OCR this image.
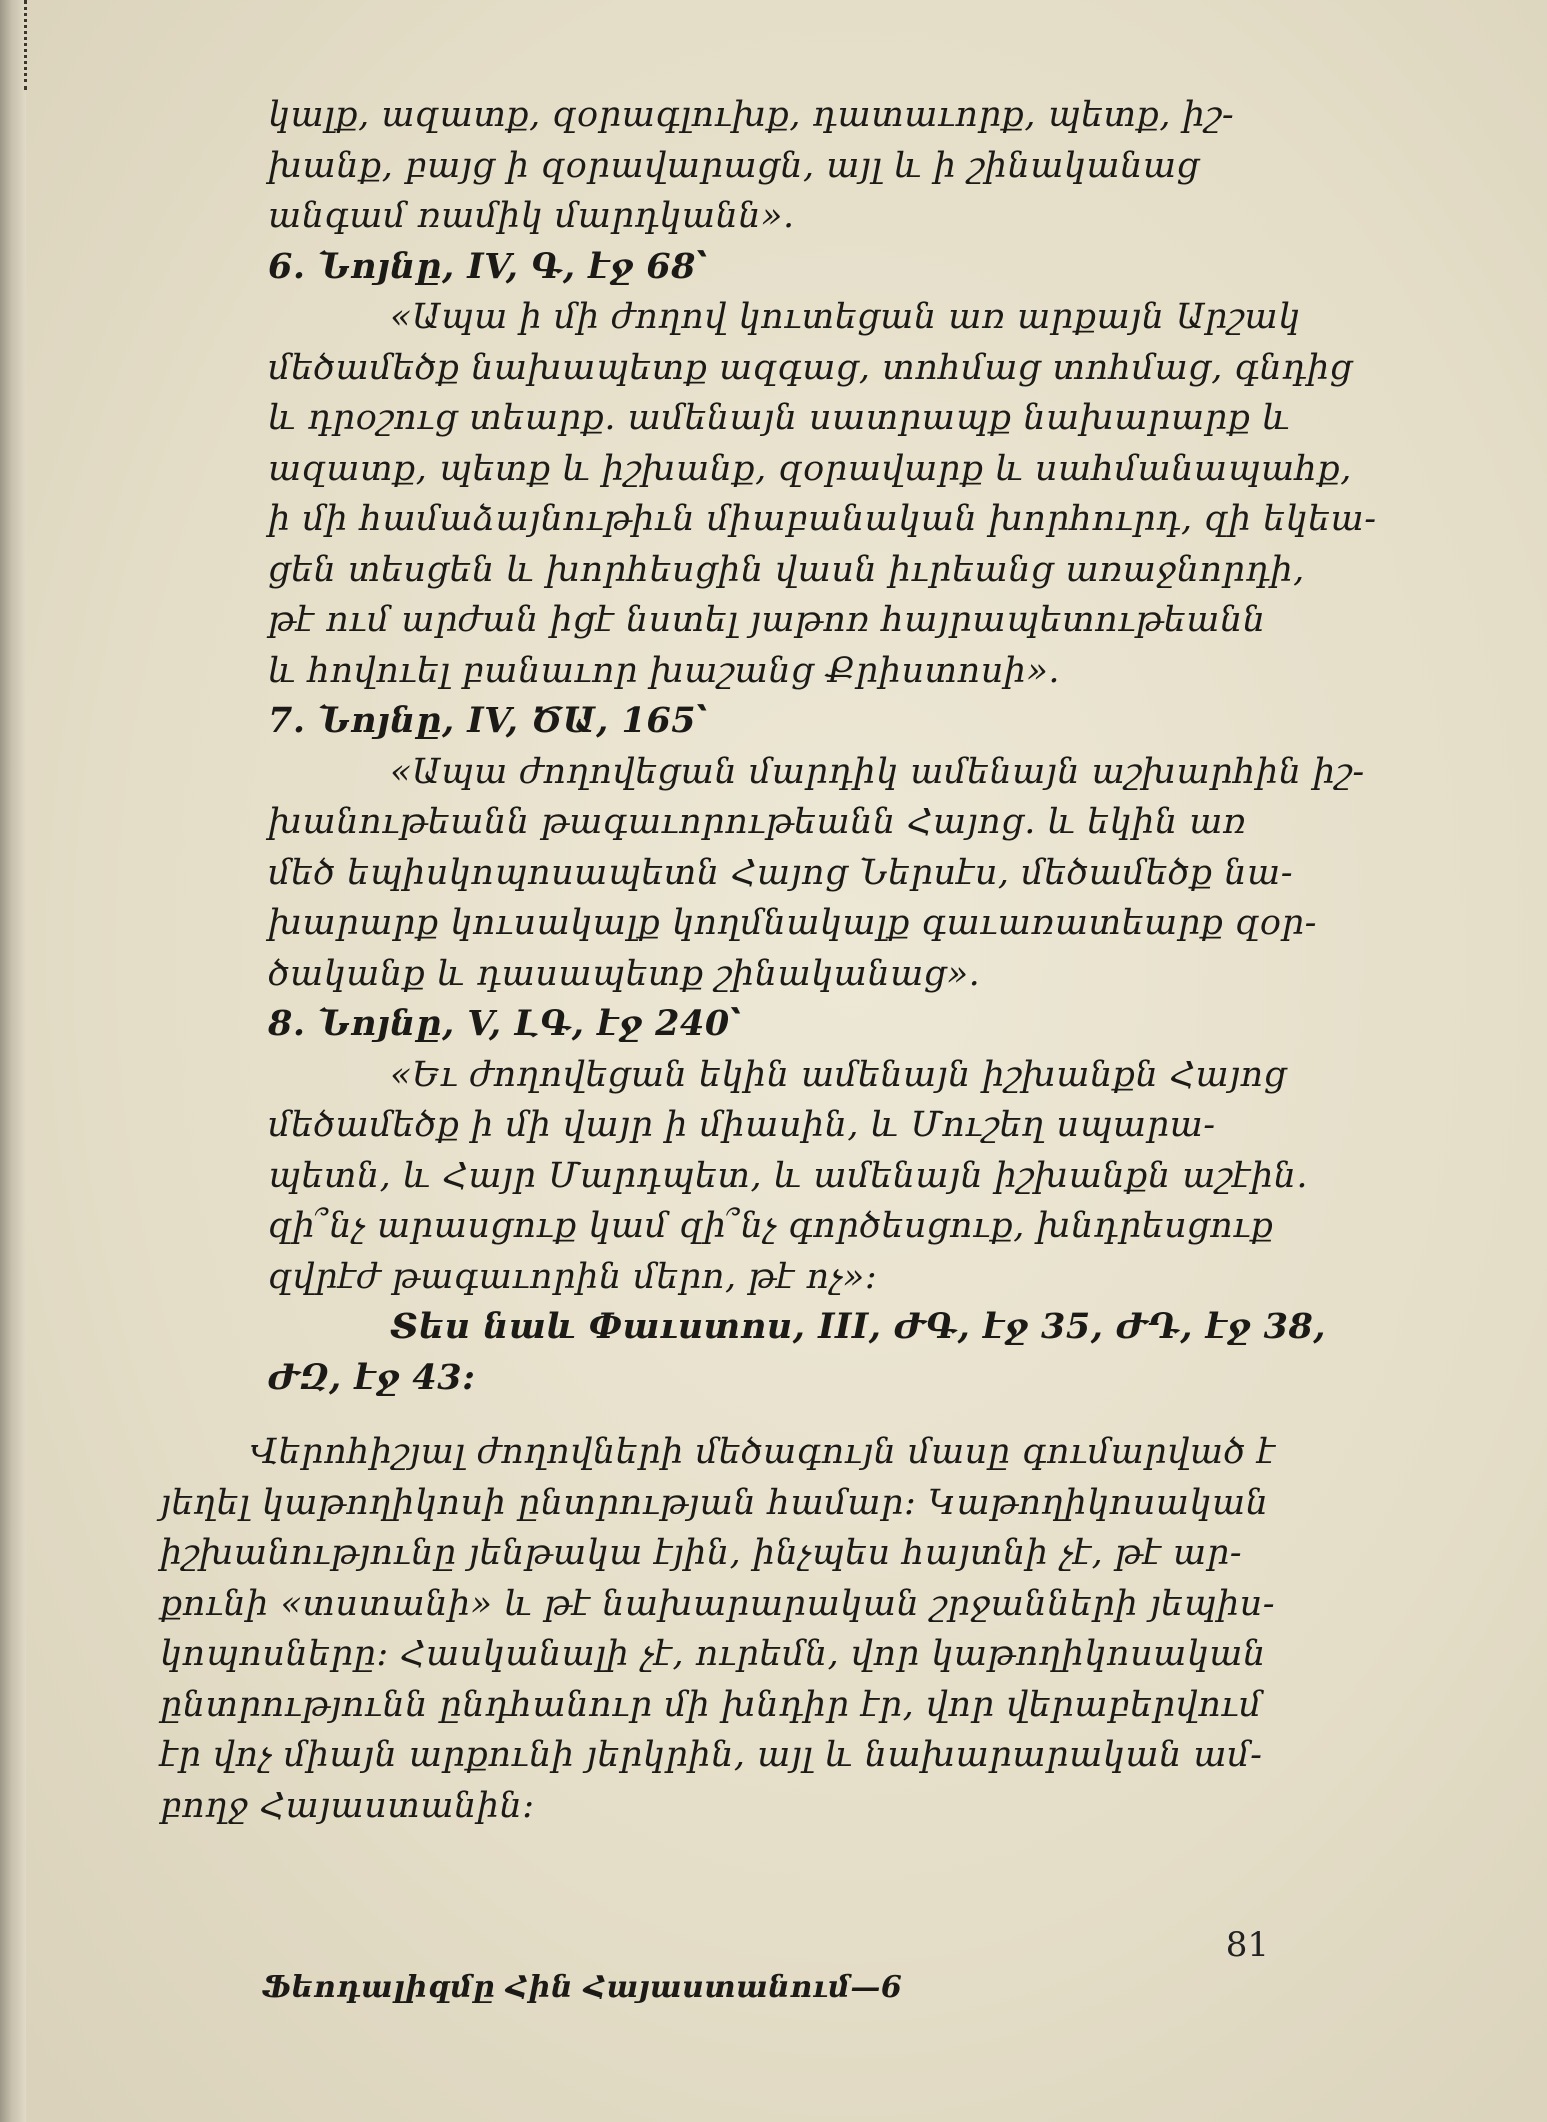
կալք, ազատք, զօրագլուխք, դատաւորք, պետք, իշ-
խանք, բայց ի զօրավարացն, այլ և ի շինականաց
անգամ ռամիկ մարդկանն».
6. Նոյնը, IV, Գ, էջ 68՝
«Ապա ի մի ժողով կուտեցան առ արքայն Արշակ
մեծամեծք նախապետք ազգաց, տոհմաց տոհմաց, գնդից
և դրօշուց տեարք. ամենայն սատրապք նախարարք և
ազատք, պետք և իշխանք, զօրավարք և սահմանապահք,
ի մի համաձայնութիւն միաբանական խորհուրդ, զի եկեա-
ցեն տեսցեն և խորհեսցին վասն իւրեանց առաջնորդի,
թէ ում արժան իցէ նստել յաթոռ հայրապետութեանն
և հովուել բանաւոր խաշանց Քրիստոսի».
7. Նոյնը, IV, ԾԱ, 165՝
«Ապա ժողովեցան մարդիկ ամենայն աշխարհին իշ-
խանութեանն թագաւորութեանն Հայոց. և եկին առ
մեծ եպիսկոպոսապետն Հայոց Ներսէս, մեծամեծք նա-
խարարք կուսակալք կողմնակալք գաւառատեարք զօր-
ծականք և դասապետք շինականաց».
8. Նոյնը, V, ԼԳ, էջ 240՝
«Եւ ժողովեցան եկին ամենայն իշխանքն Հայոց
մեծամեծք ի մի վայր ի միասին, և Մուշեղ սպարա-
պետն, և Հայր Մարդպետ, և ամենայն իշխանքն աշէին.
զի՞նչ արասցուք կամ զի՞նչ գործեսցուք, խնդրեսցուք
զվրէժ թագաւորին մերո, թէ ոչ»:
Տես նաև Փաւստոս, III, ԺԳ, էջ 35, ԺԴ, էջ 38,
ԺԶ, էջ 43:
Վերոհիշյալ ժողովների մեծագույն մասը գումարված է
յեղել կաթողիկոսի ընտրության համար: Կաթողիկոսական
իշխանությունը յենթակա էյին, ինչպես հայտնի չէ, թէ ար-
քունի «տստանի» և թէ նախարարական շրջանների յեպիս-
կոպոսները: Հասկանալի չէ, ուրեմն, վոր կաթողիկոսական
ընտրությունն ընդհանուր մի խնդիր էր, վոր վերաբերվում
էր վոչ միայն արքունի յերկրին, այլ և նախարարական ամ-
բողջ Հայաստանին:
81
Ֆեոդալիզմը Հին Հայաստանում—6
